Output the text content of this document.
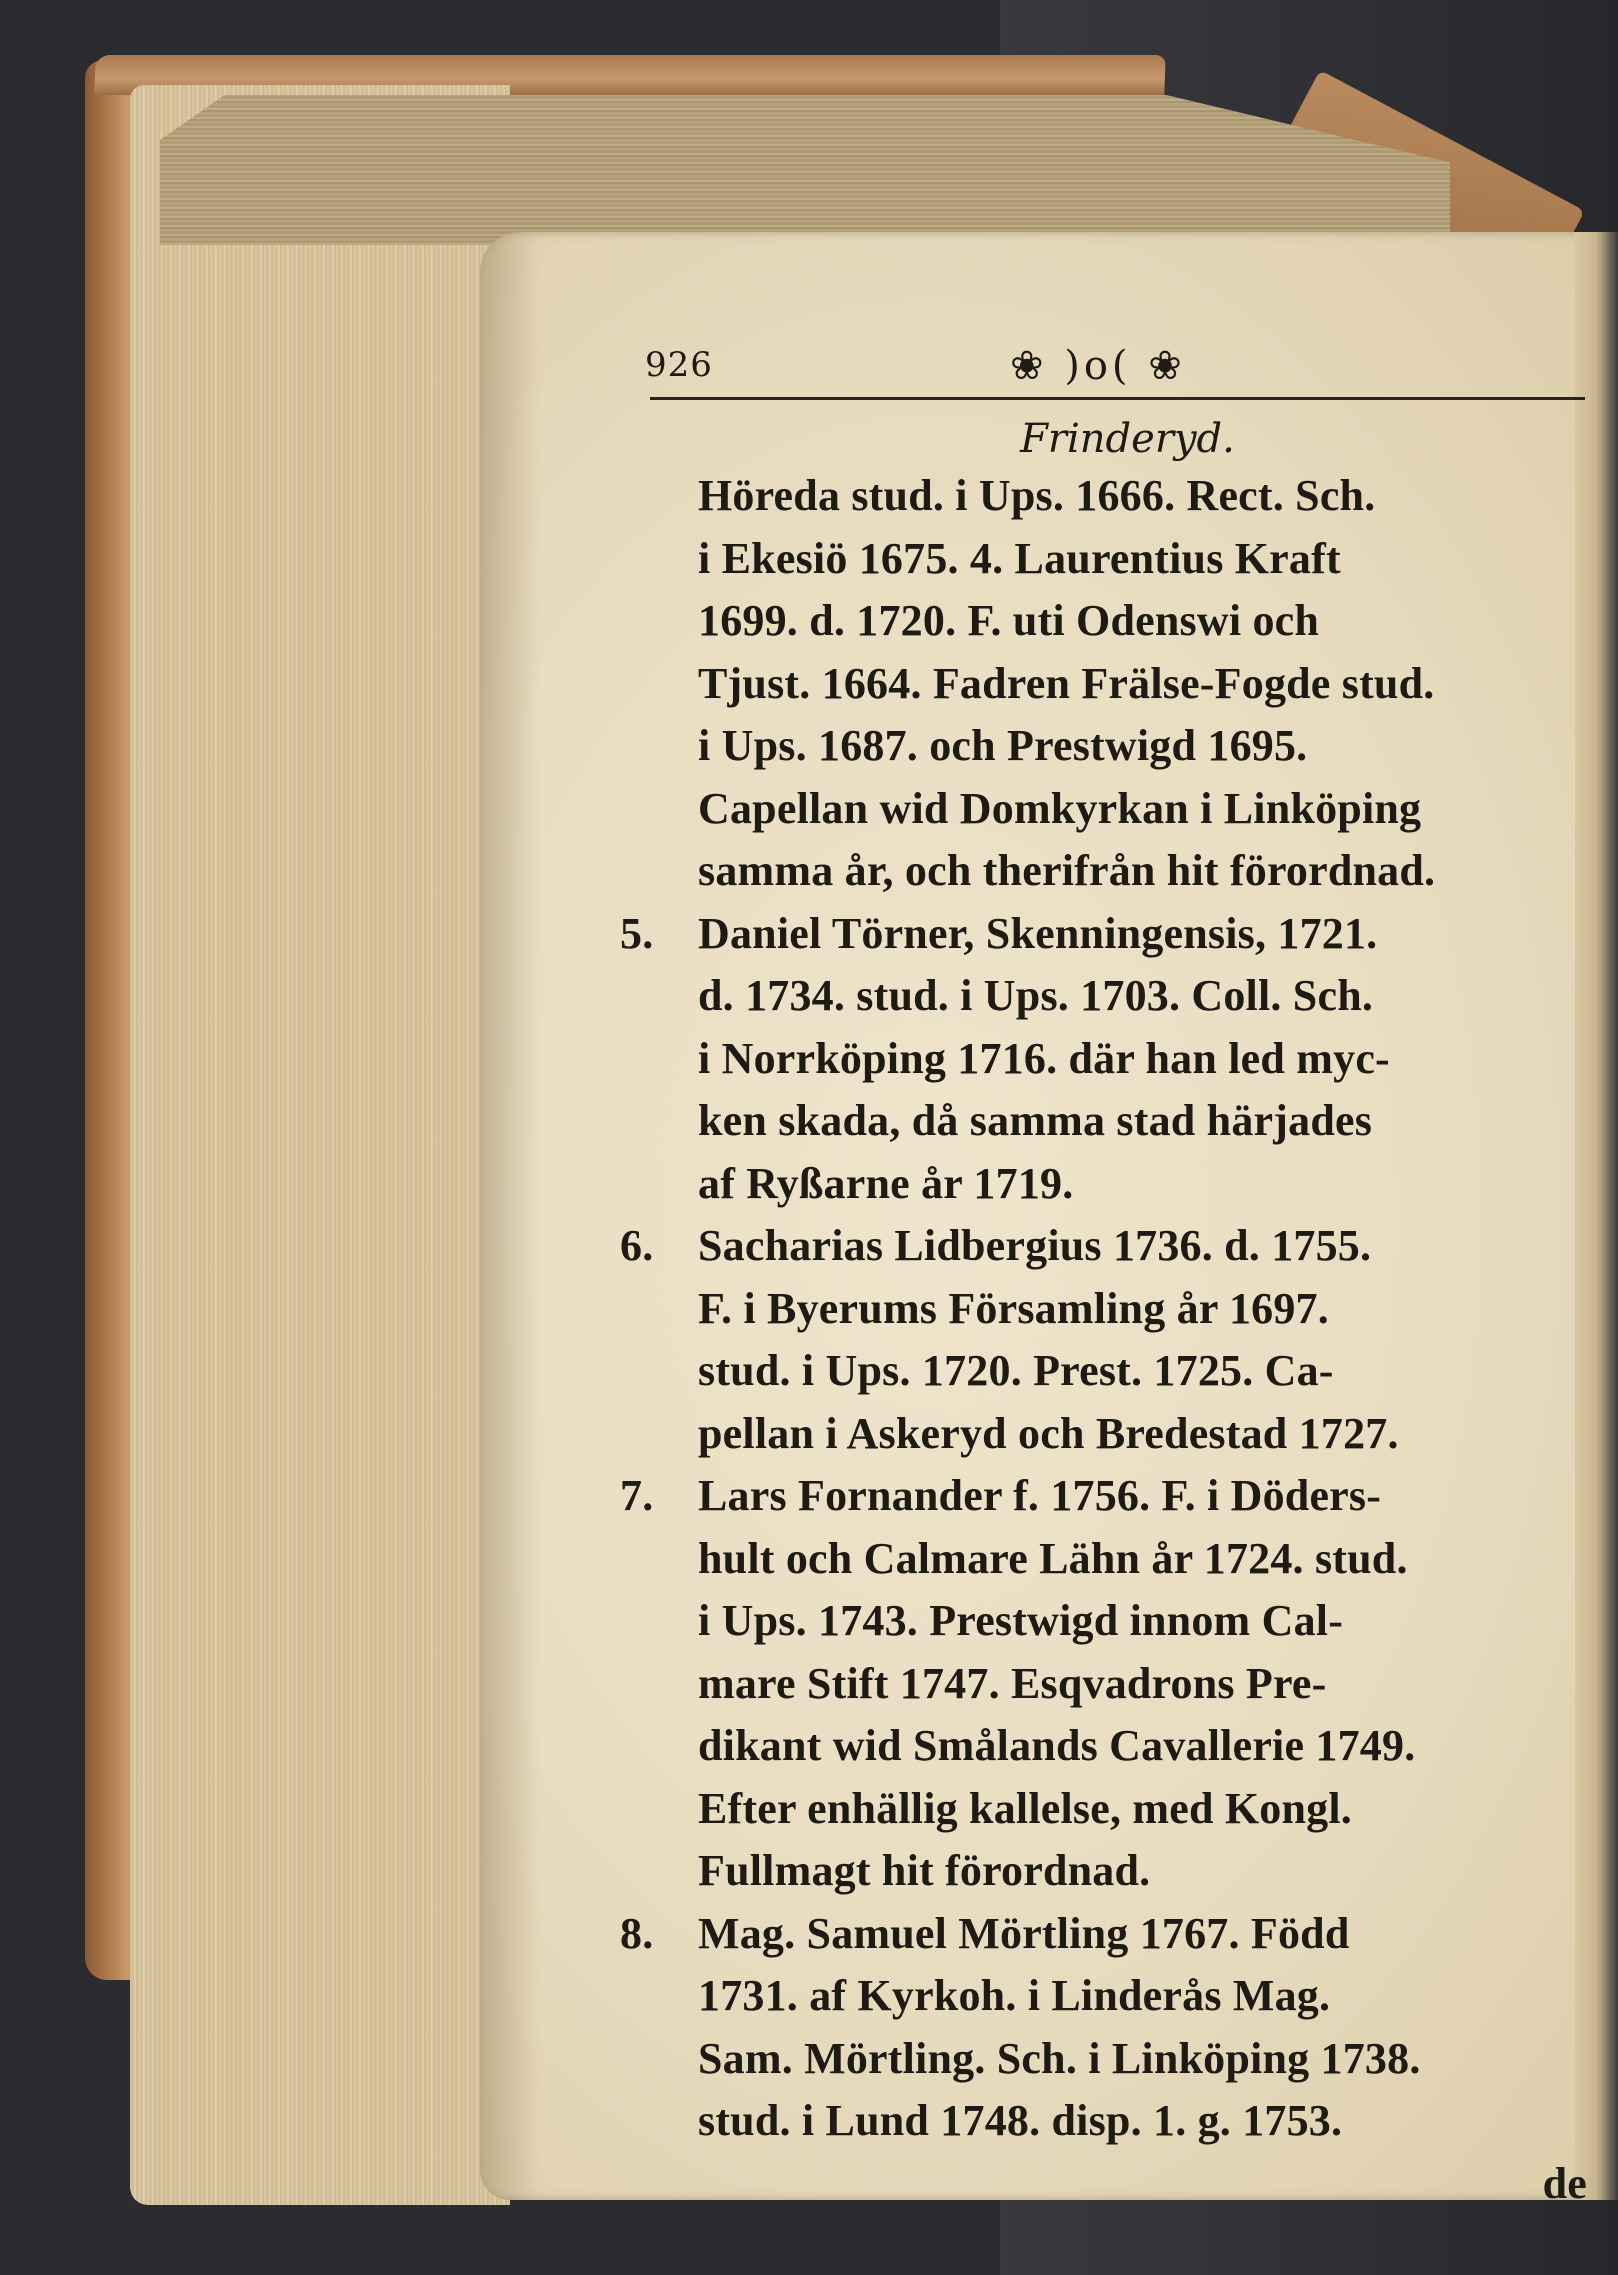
926	❀ )o( ❀
Frinderyd.
Höreda stud. i Ups. 1666. Rect. Sch.
i Ekesiö 1675. 4. Laurentius Kraft
1699. d. 1720. F. uti Odenswi och
Tjust. 1664. Fadren Frälse-Fogde stud.
i Ups. 1687. och Prestwigd 1695.
Capellan wid Domkyrkan i Linköping
samma år, och therifrån hit förordnad.
5.	Daniel Törner, Skenningensis, 1721.
d. 1734. stud. i Ups. 1703. Coll. Sch.
i Norrköping 1716. där han led myc-
ken skada, då samma stad härjades
af Ryßarne år 1719.
6.	Sacharias Lidbergius 1736. d. 1755.
F. i Byerums Församling år 1697.
stud. i Ups. 1720. Prest. 1725. Ca-
pellan i Askeryd och Bredestad 1727.
7.	Lars Fornander f. 1756. F. i Döders-
hult och Calmare Lähn år 1724. stud.
i Ups. 1743. Prestwigd innom Cal-
mare Stift 1747. Esqvadrons Pre-
dikant wid Smålands Cavallerie 1749.
Efter enhällig kallelse, med Kongl.
Fullmagt hit förordnad.
8.	Mag. Samuel Mörtling 1767. Född
1731. af Kyrkoh. i Linderås Mag.
Sam. Mörtling. Sch. i Linköping 1738.
stud. i Lund 1748. disp. 1. g. 1753.
de
